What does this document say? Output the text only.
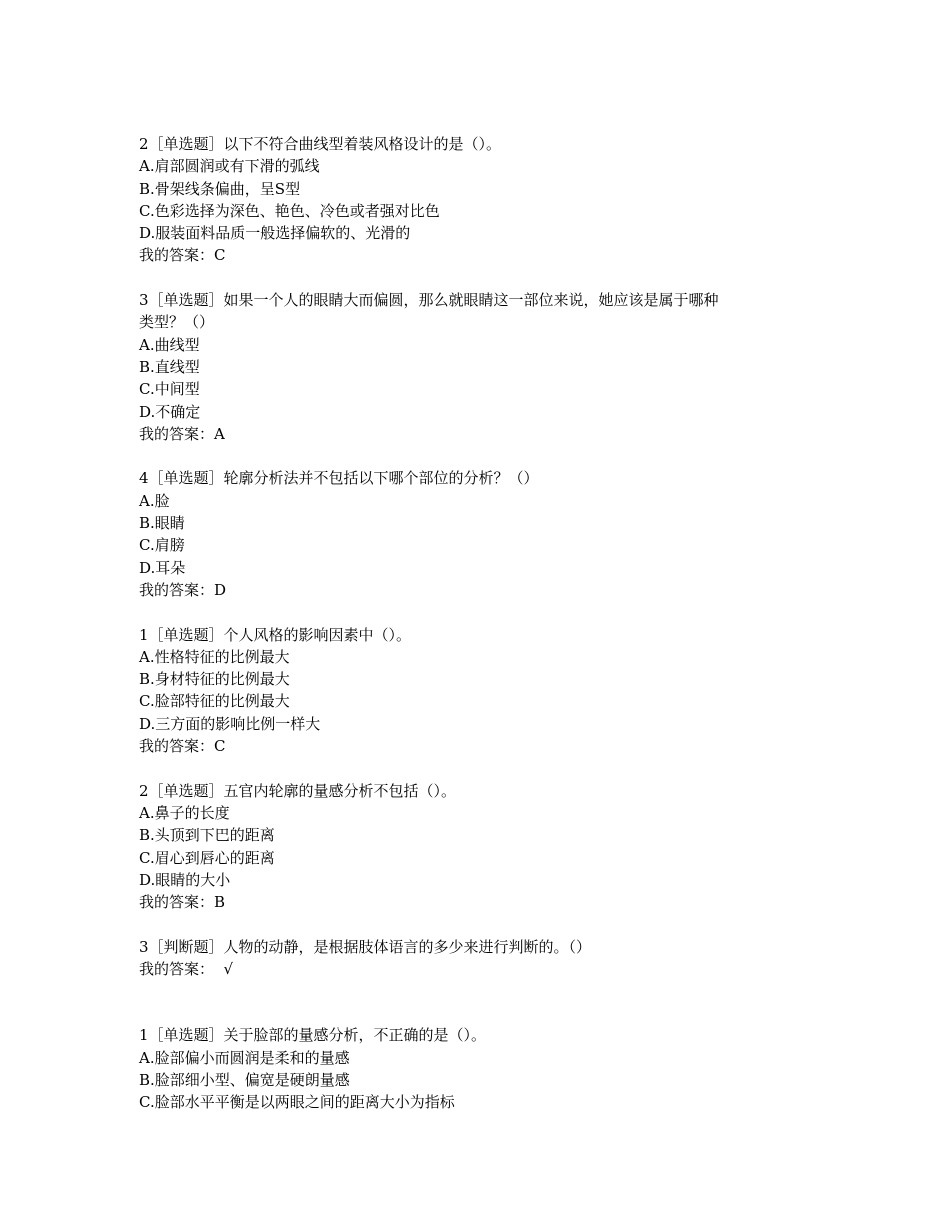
2［单选题］以下不符合曲线型着装风格设计的是（）。

A.肩部圆润或有下滑的弧线

B.骨架线条偏曲，呈S型

C.色彩选择为深色、艳色、冷色或者强对比色

D.服装面料品质一般选择偏软的、光滑的

我的答案：C

3［单选题］如果一个人的眼睛大而偏圆，那么就眼睛这一部位来说，她应该是属于哪种

类型？（）

A.曲线型

B.直线型

C.中间型

D.不确定

我的答案：A

4［单选题］轮廓分析法并不包括以下哪个部位的分析？（）

A.脸

B.眼睛

C.肩膀

D.耳朵

我的答案：D

1［单选题］个人风格的影响因素中（）。

A.性格特征的比例最大

B.身材特征的比例最大

C.脸部特征的比例最大

D.三方面的影响比例一样大

我的答案：C

2［单选题］五官内轮廓的量感分析不包括（）。

A.鼻子的长度

B.头顶到下巴的距离

C.眉心到唇心的距离

D.眼睛的大小

我的答案：B

3［判断题］人物的动静，是根据肢体语言的多少来进行判断的。（）

我的答案：  √

1［单选题］关于脸部的量感分析，不正确的是（）。

A.脸部偏小而圆润是柔和的量感

B.脸部细小型、偏宽是硬朗量感

C.脸部水平平衡是以两眼之间的距离大小为指标
